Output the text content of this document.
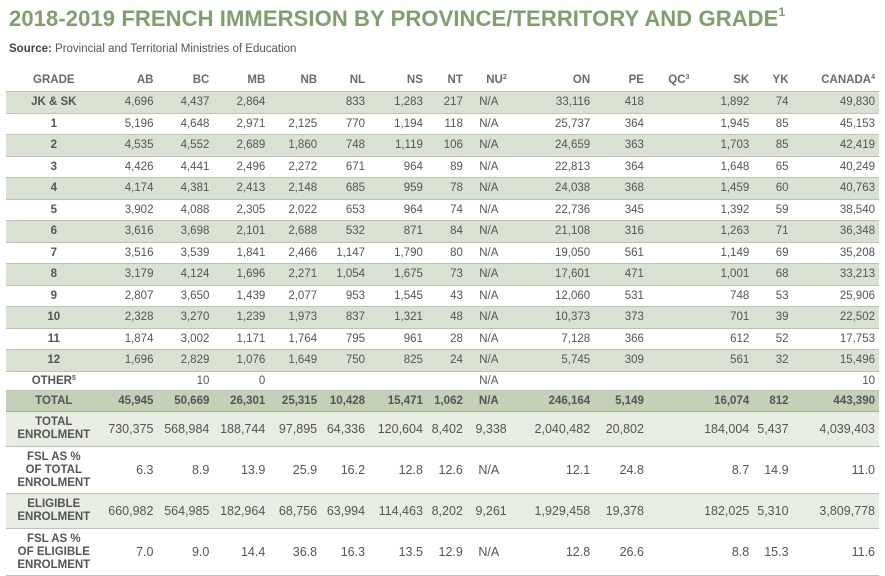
2018-2019 FRENCH IMMERSION BY PROVINCE/TERRITORY AND GRADE$^1$
Source: Provincial and Territorial Ministries of Education
GRADE	AB	BC	MB	NB	NL	NS	NT	$NU^2$	ON	PE	$QC^3$	SK	YK	CANADA$^4$
JK & SK	4,696	4,437	2,864		833	1,283	217	N/A	33,116	418		1,892	74	49,830
1	5,196	4,648	2,971	2,125	770	1,194	118	N/A	25,737	364		1,945	85	45,153
2	4,535	4,552	2,689	1,860	748	1,119	106	N/A	24,659	363		1,703	85	42,419
3	4,426	4,441	2,496	2,272	671	964	89	N/A	22,813	364		1,648	65	40,249
4	4,174	4,381	2,413	2,148	685	959	78	N/A	24,038	368		1,459	60	40,763
5	3,902	4,088	2,305	2,022	653	964	74	N/A	22,736	345		1,392	59	38,540
6	3,616	3,698	2,101	2,688	532	871	84	N/A	21,108	316		1,263	71	36,348
7	3,516	3,539	1,841	2,466	1,147	1,790	80	N/A	19,050	561		1,149	69	35,208
8	3,179	4,124	1,696	2,271	1,054	1,675	73	N/A	17,601	471		1,001	68	33,213
9	2,807	3,650	1,439	2,077	953	1,545	43	N/A	12,060	531		748	53	25,906
10	2,328	3,270	1,239	1,973	837	1,321	48	N/A	10,373	373		701	39	22,502
11	1,874	3,002	1,171	1,764	795	961	28	N/A	7,128	366		612	52	17,753
12	1,696	2,829	1,076	1,649	750	825	24	N/A	5,745	309		561	32	15,496
OTHER$^5$		10	0					N/A						10
TOTAL	45,945	50,669	26,301	25,315	10,428	15,471	1,062	N/A	246,164	5,149		16,074	812	443,390
TOTAL
ENROLMENT	730,375	568,984	188,744	97,895	64,336	120,604	8,402	9,338	2,040,482	20,802		184,004	5,437	4,039,403
FSL AS %
OF TOTAL
ENROLMENT	6.3	8.9	13.9	25.9	16.2	12.8	12.6	N/A	12.1	24.8		8.7	14.9	11.0
ELIGIBLE
ENROLMENT	660,982	564,985	182,964	68,756	63,994	114,463	8,202	9,261	1,929,458	19,378		182,025	5,310	3,809,778
FSL AS %
OF ELIGIBLE
ENROLMENT	7.0	9.0	14.4	36.8	16.3	13.5	12.9	N/A	12.8	26.6		8.8	15.3	11.6
